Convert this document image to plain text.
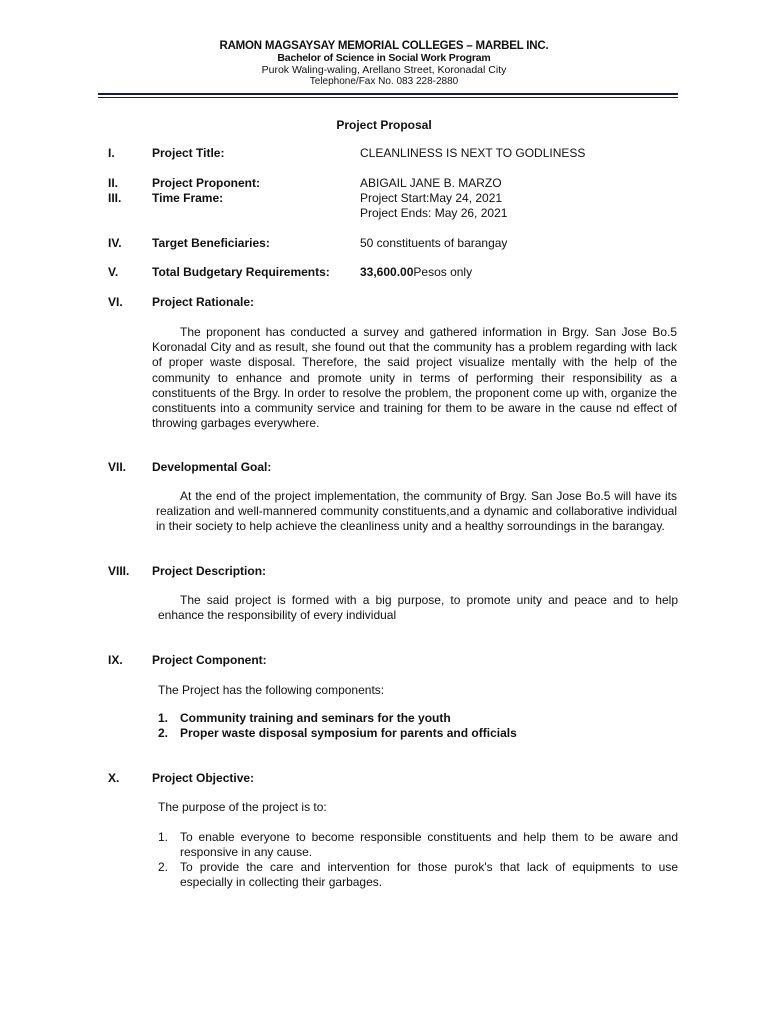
RAMON MAGSAYSAY MEMORIAL COLLEGES – MARBEL INC.
Bachelor of Science in Social Work Program
Purok Waling-waling, Arellano Street, Koronadal City
Telephone/Fax No. 083 228-2880
Project Proposal
I.	Project Title:	CLEANLINESS IS NEXT TO GODLINESS
II.	Project Proponent:	ABIGAIL JANE B. MARZO
III.	Time Frame:	Project Start:May 24, 2021
Project Ends: May 26, 2021
IV.	Target Beneficiaries:	50 constituents of barangay
V.	Total Budgetary Requirements:	33,600.00Pesos only
VI. Project Rationale:
The proponent has conducted a survey and gathered information in Brgy. San Jose Bo.5 Koronadal City and as result, she found out that the community has a problem regarding with lack of proper waste disposal. Therefore, the said project visualize mentally with the help of the community to enhance and promote unity in terms of performing their responsibility as a constituents of the Brgy. In order to resolve the problem, the proponent come up with, organize the constituents into a community service and training for them to be aware in the cause nd effect of throwing garbages everywhere.
VII. Developmental Goal:
At the end of the project implementation, the community of Brgy. San Jose Bo.5 will have its realization and well-mannered community constituents,and a dynamic and collaborative individual in their society to help achieve the cleanliness unity and a healthy sorroundings in the barangay.
VIII. Project Description:
The said project is formed with a big purpose, to promote unity and peace and to help enhance the responsibility of every individual
IX. Project Component:
The Project has the following components:
1. Community training and seminars for the youth
2. Proper waste disposal symposium for parents and officials
X.	Project Objective:
The purpose of the project is to:
1. To enable everyone to become responsible constituents and help them to be aware and responsive in any cause.
2. To provide the care and intervention for those purok's that lack of equipments to use especially in collecting their garbages.
